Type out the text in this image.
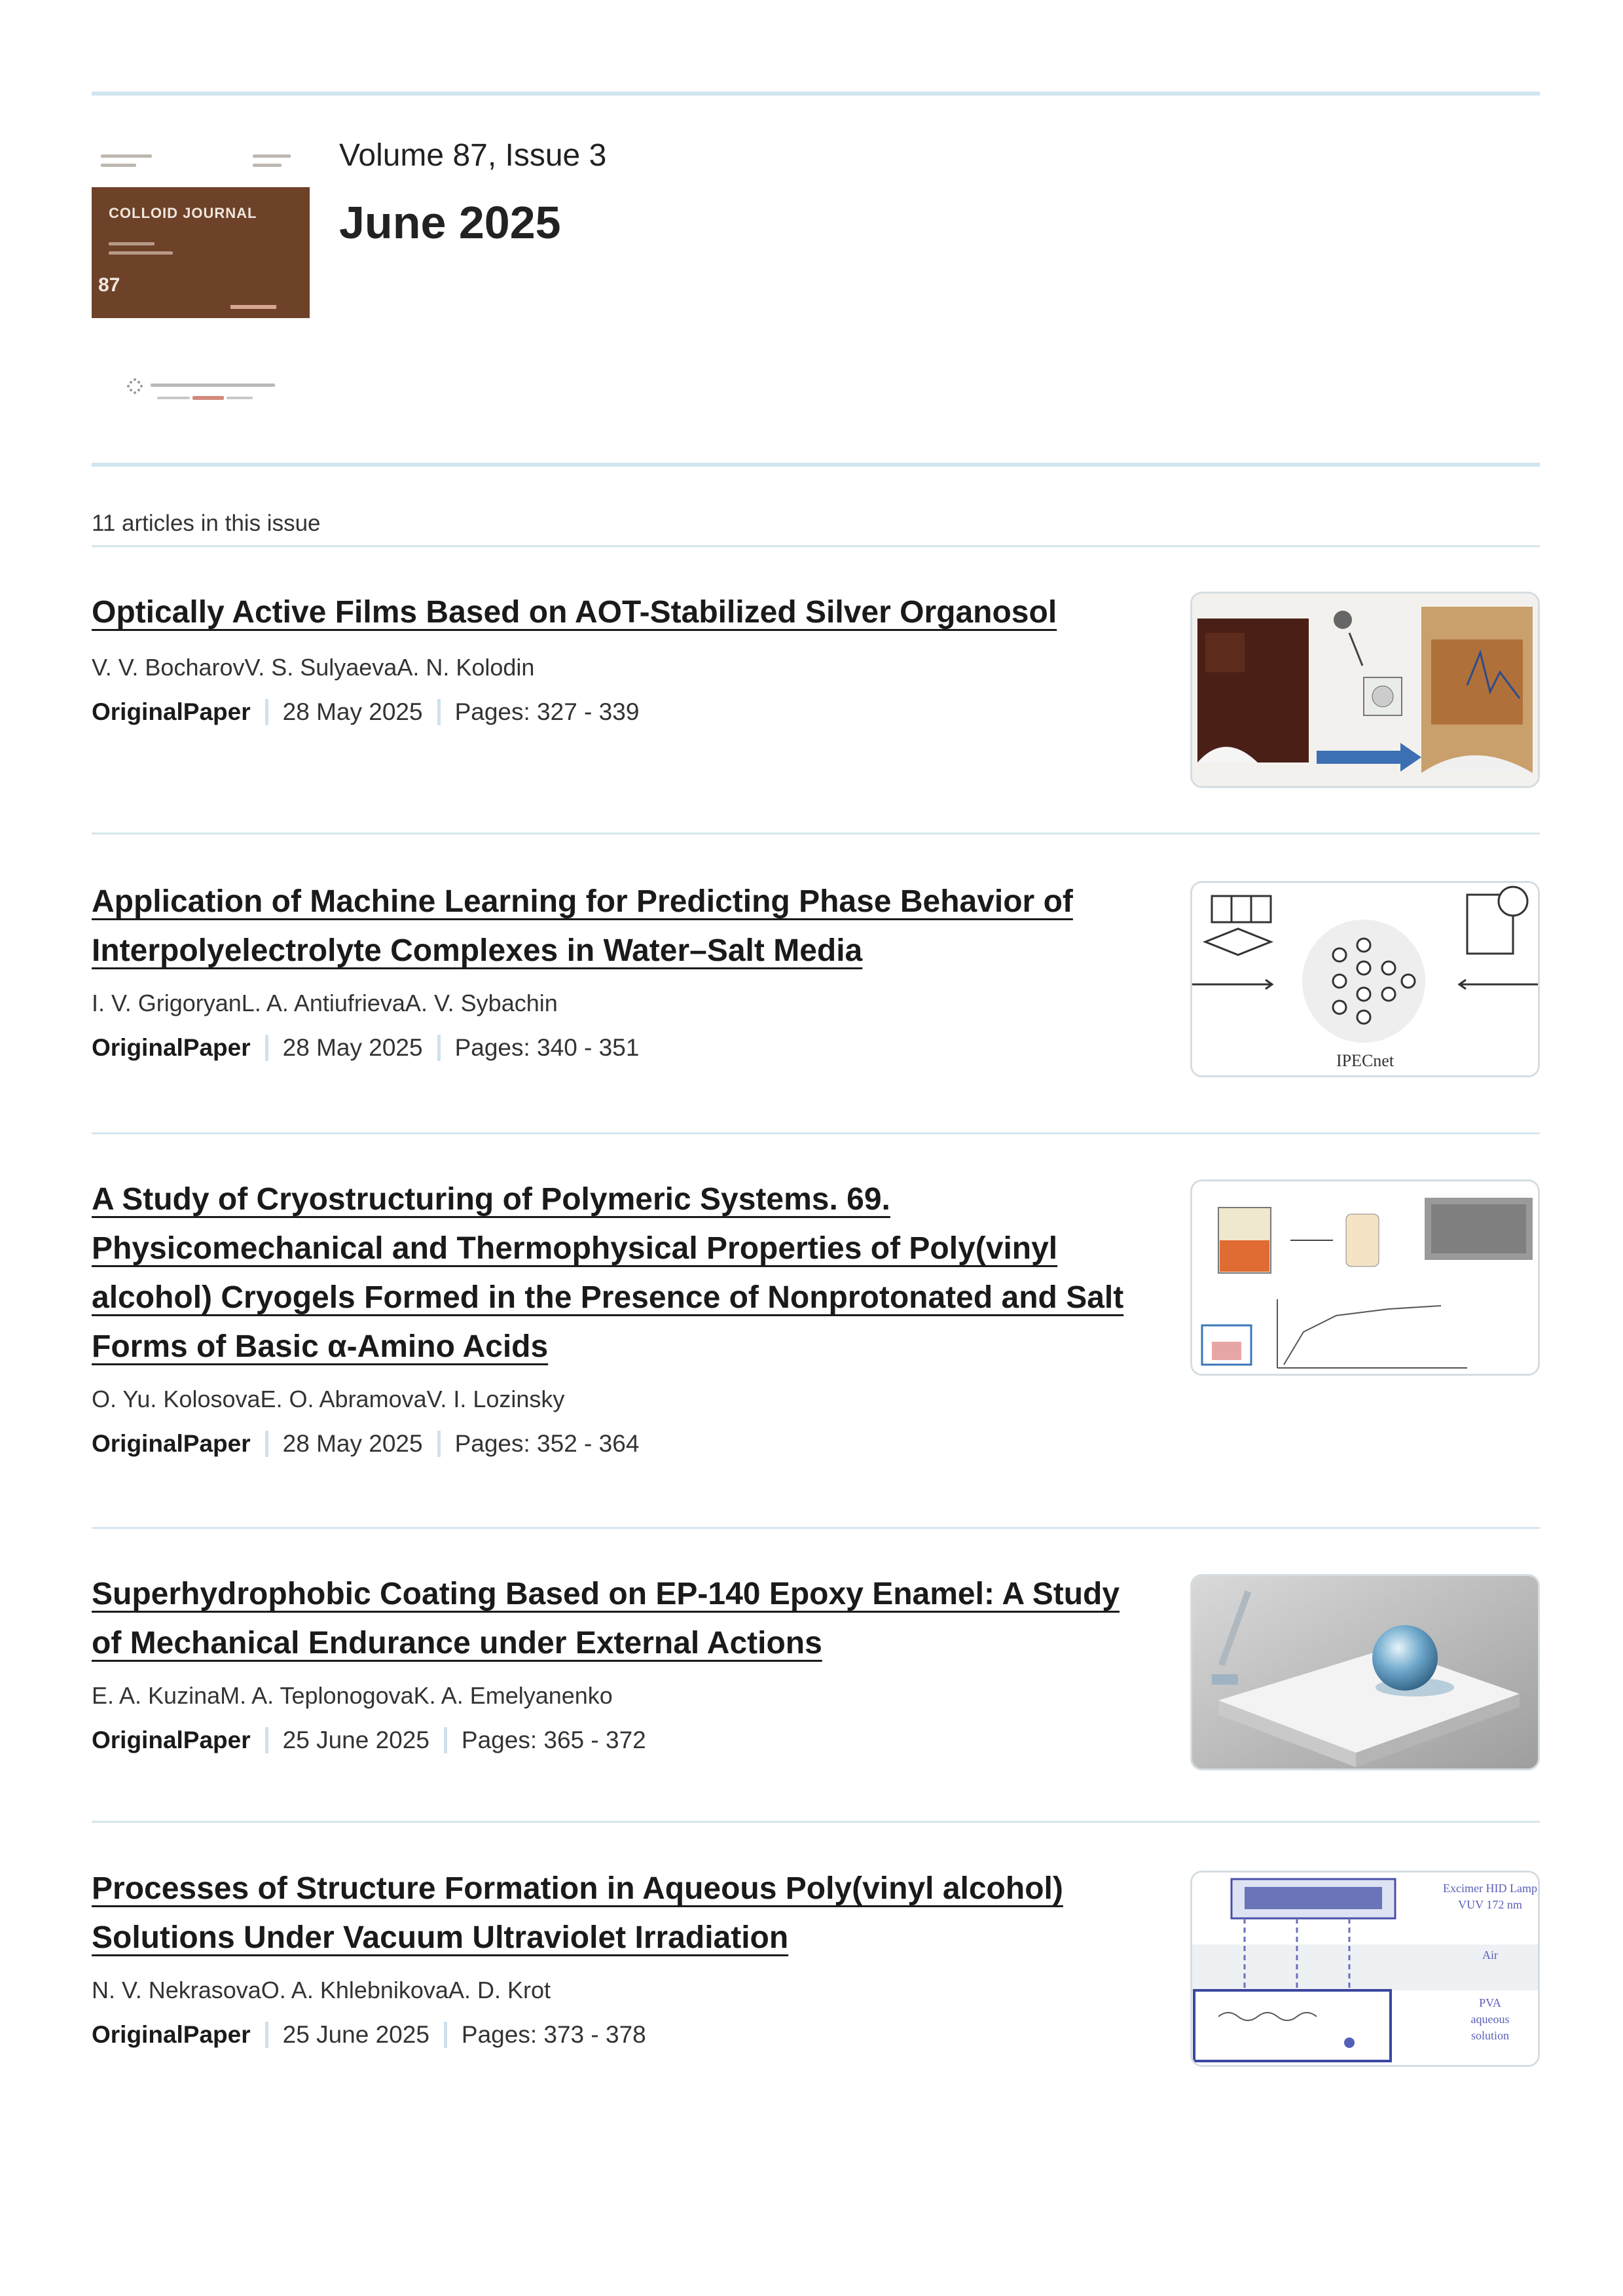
COLLOID JOURNAL
87
Volume 87, Issue 3
June 2025
11 articles in this issue
Optically Active Films Based on AOT-Stabilized Silver Organosol
V. V. BocharovV. S. SulyaevaA. N. Kolodin
OriginalPaper 28 May 2025 Pages: 327 - 339
Application of Machine Learning for Predicting Phase Behavior of Interpolyelectrolyte Complexes in Water–Salt Media
I. V. GrigoryanL. A. AntiufrievaA. V. Sybachin
OriginalPaper 28 May 2025 Pages: 340 - 351	IPECnet
A Study of Cryostructuring of Polymeric Systems. 69. Physicomechanical and Thermophysical Properties of Poly(vinyl alcohol) Cryogels Formed in the Presence of Nonprotonated and Salt Forms of Basic α-Amino Acids
O. Yu. KolosovaE. O. AbramovaV. I. Lozinsky
OriginalPaper 28 May 2025 Pages: 352 - 364
Superhydrophobic Coating Based on EP-140 Epoxy Enamel: A Study of Mechanical Endurance under External Actions
E. A. KuzinaM. A. TeplonogovaK. A. Emelyanenko
OriginalPaper 25 June 2025 Pages: 365 - 372
Processes of Structure Formation in Aqueous Poly(vinyl alcohol) Solutions Under Vacuum Ultraviolet Irradiation
N. V. NekrasovaO. A. KhlebnikovaA. D. Krot
OriginalPaper 25 June 2025 Pages: 373 - 378
Excimer HID Lamp
VUV 172 nm
Air
PVA
aqueous
solution
